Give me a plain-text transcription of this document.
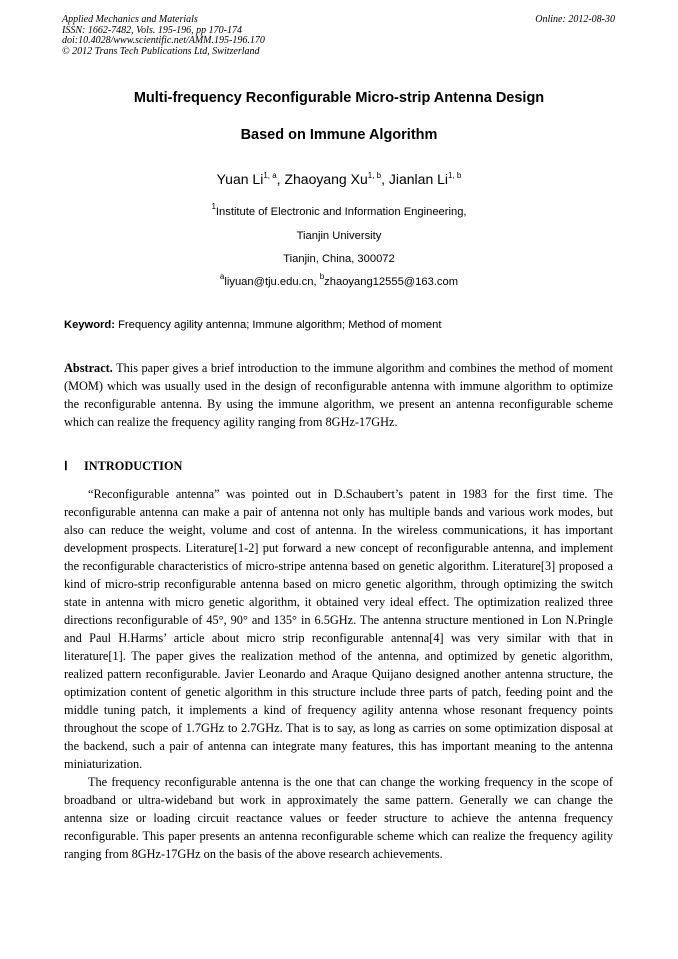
Applied Mechanics and Materials
ISSN: 1662-7482, Vols. 195-196, pp 170-174
doi:10.4028/www.scientific.net/AMM.195-196.170
© 2012 Trans Tech Publications Ltd, Switzerland
Online: 2012-08-30
Multi-frequency Reconfigurable Micro-strip Antenna Design
Based on Immune Algorithm
Yuan Li$^{1, a}$, Zhaoyang Xu$^{1, b}$, Jianlan Li$^{1, b}$
$^1$Institute of Electronic and Information Engineering,
Tianjin University
Tianjin, China, 300072
$^a$liyuan@tju.edu.cn, $^b$zhaoyang12555@163.com
Keyword: Frequency agility antenna; Immune algorithm; Method of moment
Abstract. This paper gives a brief introduction to the immune algorithm and combines the method of moment (MOM) which was usually used in the design of reconfigurable antenna with immune algorithm to optimize the reconfigurable antenna. By using the immune algorithm, we present an antenna reconfigurable scheme which can realize the frequency agility ranging from 8GHz-17GHz.
Ⅰ INTRODUCTION
“Reconfigurable antenna” was pointed out in D.Schaubert’s patent in 1983 for the first time. The reconfigurable antenna can make a pair of antenna not only has multiple bands and various work modes, but also can reduce the weight, volume and cost of antenna. In the wireless communications, it has important development prospects. Literature[1-2] put forward a new concept of reconfigurable antenna, and implement the reconfigurable characteristics of micro-stripe antenna based on genetic algorithm. Literature[3] proposed a kind of micro-strip reconfigurable antenna based on micro genetic algorithm, through optimizing the switch state in antenna with micro genetic algorithm, it obtained very ideal effect. The optimization realized three directions reconfigurable of 45°, 90° and 135° in 6.5GHz. The antenna structure mentioned in Lon N.Pringle and Paul H.Harms’ article about micro strip reconfigurable antenna[4] was very similar with that in literature[1]. The paper gives the realization method of the antenna, and optimized by genetic algorithm, realized pattern reconfigurable. Javier Leonardo and Araque Quijano designed another antenna structure, the optimization content of genetic algorithm in this structure include three parts of patch, feeding point and the middle tuning patch, it implements a kind of frequency agility antenna whose resonant frequency points throughout the scope of 1.7GHz to 2.7GHz. That is to say, as long as carries on some optimization disposal at the backend, such a pair of antenna can integrate many features, this has important meaning to the antenna miniaturization.
The frequency reconfigurable antenna is the one that can change the working frequency in the scope of broadband or ultra-wideband but work in approximately the same pattern. Generally we can change the antenna size or loading circuit reactance values or feeder structure to achieve the antenna frequency reconfigurable. This paper presents an antenna reconfigurable scheme which can realize the frequency agility ranging from 8GHz-17GHz on the basis of the above research achievements.
